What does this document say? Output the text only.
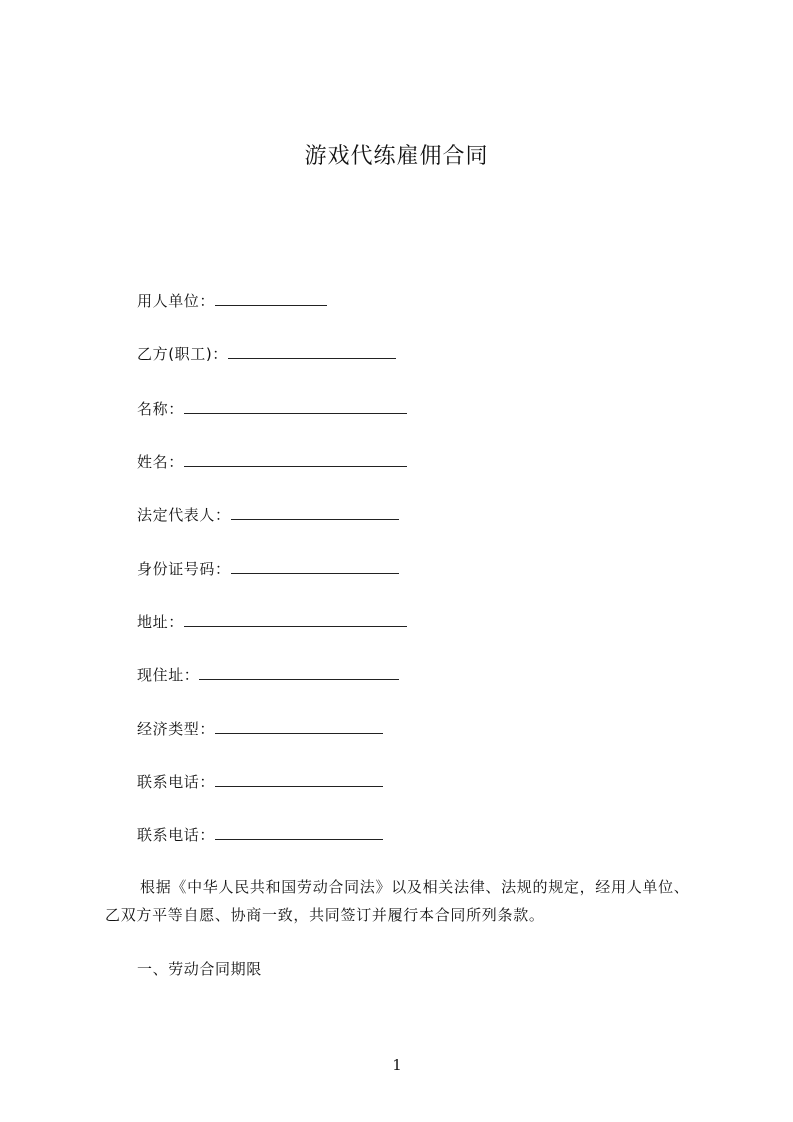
游戏代练雇佣合同
用人单位：
乙方(职工)：
名称：
姓名：
法定代表人：
身份证号码：
地址：
现住址：
经济类型：
联系电话：
联系电话：
根据《中华人民共和国劳动合同法》以及相关法律、法规的规定，经用人单位、
乙双方平等自愿、协商一致，共同签订并履行本合同所列条款。
一、劳动合同期限
1
